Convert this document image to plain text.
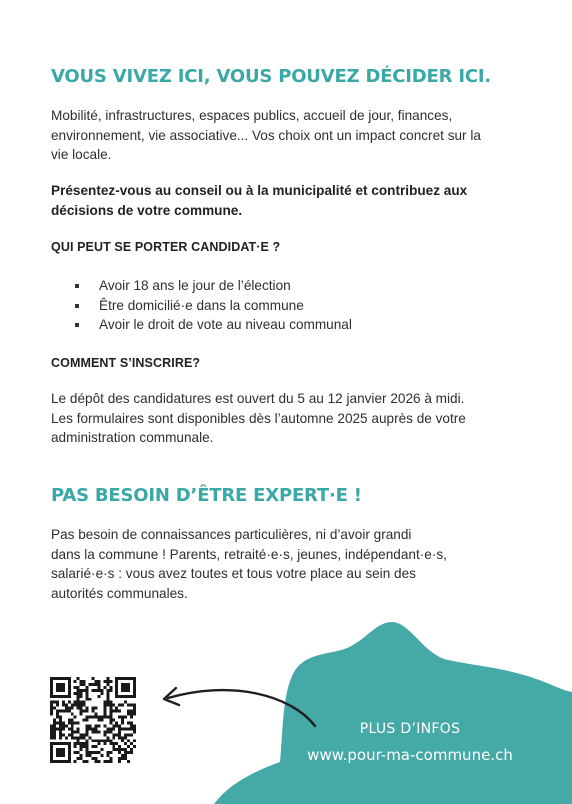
VOUS VIVEZ ICI, VOUS POUVEZ DÉCIDER ICI.

Mobilité, infrastructures, espaces publics, accueil de jour, finances,
environnement, vie associative... Vos choix ont un impact concret sur la
vie locale.

Présentez-vous au conseil ou à la municipalité et contribuez aux
décisions de votre commune.

QUI PEUT SE PORTER CANDIDAT·E ?
Avoir 18 ans le jour de l’élection
Être domicilié·e dans la commune
Avoir le droit de vote au niveau communal
COMMENT S’INSCRIRE?

Le dépôt des candidatures est ouvert du 5 au 12 janvier 2026 à midi.
Les formulaires sont disponibles dès l’automne 2025 auprès de votre
administration communale.

PAS BESOIN D’ÊTRE EXPERT·E !

Pas besoin de connaissances particulières, ni d’avoir grandi
dans la commune ! Parents, retraité·e·s, jeunes, indépendant·e·s,
salarié·e·s : vous avez toutes et tous votre place au sein des
autorités communales.

PLUS D’INFOS
www.pour-ma-commune.ch
